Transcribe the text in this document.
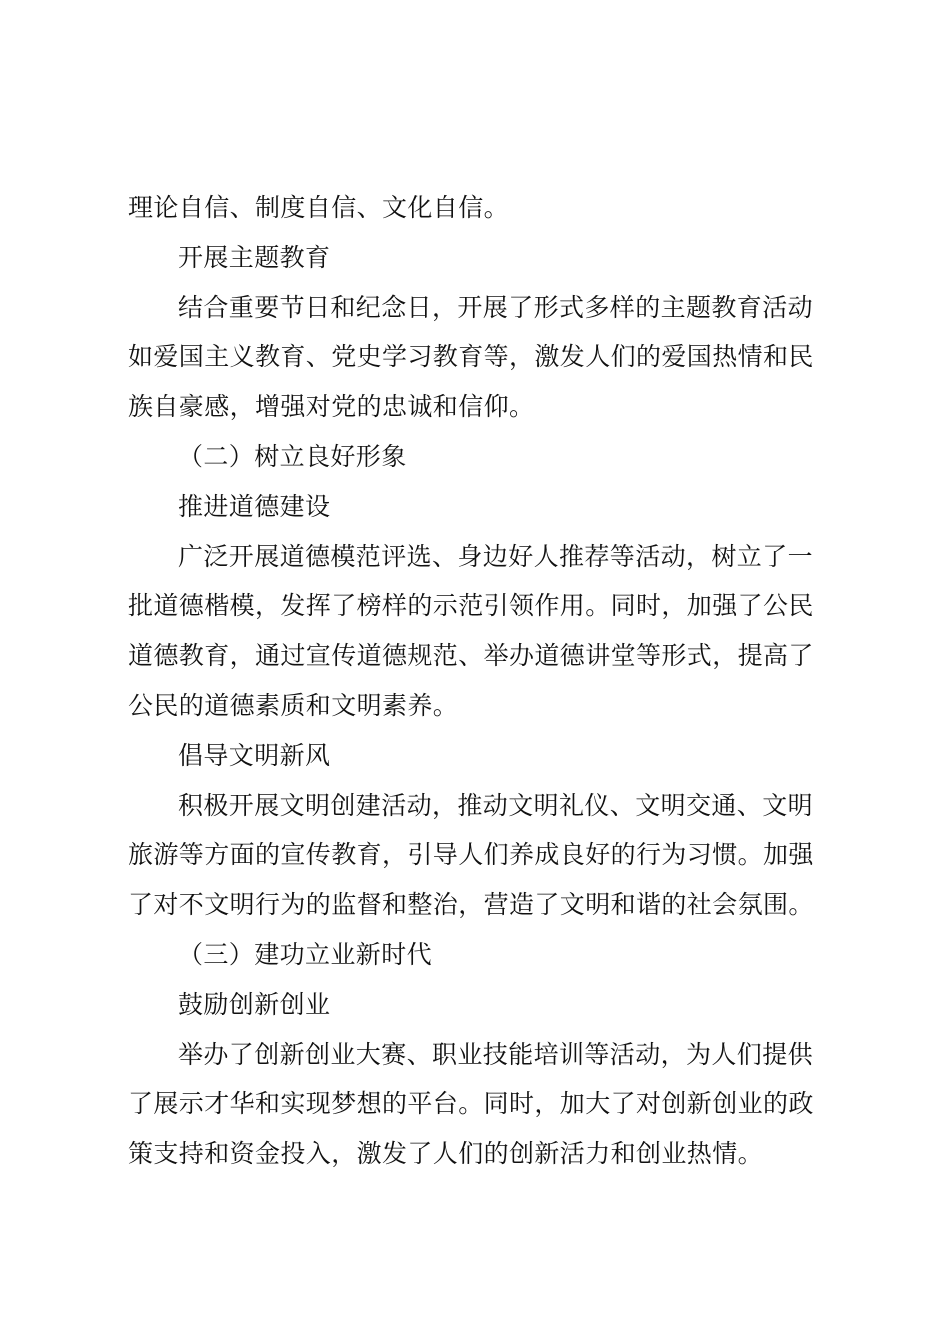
理论自信、制度自信、文化自信。

开展主题教育

结合重要节日和纪念日，开展了形式多样的主题教育活动
如爱国主义教育、党史学习教育等，激发人们的爱国热情和民
族自豪感，增强对党的忠诚和信仰。

（二）树立良好形象

推进道德建设

广泛开展道德模范评选、身边好人推荐等活动，树立了一
批道德楷模，发挥了榜样的示范引领作用。同时，加强了公民
道德教育，通过宣传道德规范、举办道德讲堂等形式，提高了
公民的道德素质和文明素养。

倡导文明新风

积极开展文明创建活动，推动文明礼仪、文明交通、文明
旅游等方面的宣传教育，引导人们养成良好的行为习惯。加强
了对不文明行为的监督和整治，营造了文明和谐的社会氛围。

（三）建功立业新时代

鼓励创新创业

举办了创新创业大赛、职业技能培训等活动，为人们提供
了展示才华和实现梦想的平台。同时，加大了对创新创业的政
策支持和资金投入，激发了人们的创新活力和创业热情。
